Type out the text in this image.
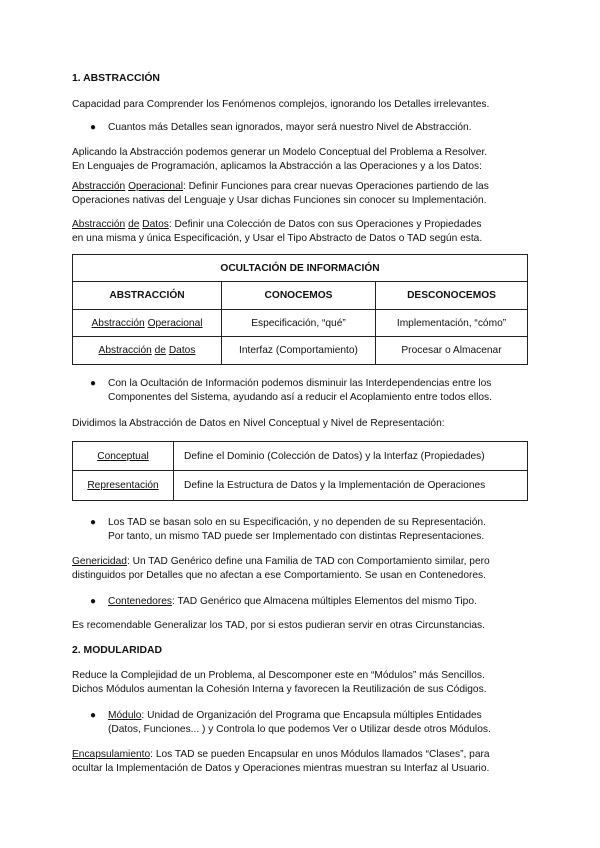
1. ABSTRACCIÓN

Capacidad para Comprender los Fenómenos complejos, ignorando los Detalles irrelevantes.

● Cuantos más Detalles sean ignorados, mayor será nuestro Nivel de Abstracción.

Aplicando la Abstracción podemos generar un Modelo Conceptual del Problema a Resolver.
En Lenguajes de Programación, aplicamos la Abstracción a las Operaciones y a los Datos:
Abstracción Operacional: Definir Funciones para crear nuevas Operaciones partiendo de las
Operaciones nativas del Lenguaje y Usar dichas Funciones sin conocer su Implementación.
Abstracción de Datos: Definir una Colección de Datos con sus Operaciones y Propiedades
en una misma y única Especificación, y Usar el Tipo Abstracto de Datos o TAD según esta.
OCULTACIÓN DE INFORMACIÓN		
ABSTRACCIÓN	CONOCEMOS	DESCONOCEMOS
Abstracción Operacional	Especificación, “qué”	Implementación, “cómo”
Abstracción de Datos	Interfaz (Comportamiento)	Procesar o Almacenar
● Con la Ocultación de Información podemos disminuir las Interdependencias entre los
Componentes del Sistema, ayudando así a reducir el Acoplamiento entre todos ellos.

Dividimos la Abstracción de Datos en Nivel Conceptual y Nivel de Representación:

Conceptual	Define el Dominio (Colección de Datos) y la Interfaz (Propiedades)
Representación	Define la Estructura de Datos y la Implementación de Operaciones
● Los TAD se basan solo en su Especificación, y no dependen de su Representación.
Por tanto, un mismo TAD puede ser Implementado con distintas Representaciones.
Genericidad: Un TAD Genérico define una Familia de TAD con Comportamiento similar, pero
distinguidos por Detalles que no afectan a ese Comportamiento. Se usan en Contenedores.
● Contenedores: TAD Genérico que Almacena múltiples Elementos del mismo Tipo.

Es recomendable Generalizar los TAD, por si estos pudieran servir en otras Circunstancias.

2. MODULARIDAD

Reduce la Complejidad de un Problema, al Descomponer este en “Módulos” más Sencillos.
Dichos Módulos aumentan la Cohesión Interna y favorecen la Reutilización de sus Códigos.
● Módulo: Unidad de Organización del Programa que Encapsula múltiples Entidades
(Datos, Funciones... ) y Controla lo que podemos Ver o Utilizar desde otros Módulos.
Encapsulamiento: Los TAD se pueden Encapsular en unos Módulos llamados “Clases”, para
ocultar la Implementación de Datos y Operaciones mientras muestran su Interfaz al Usuario.
